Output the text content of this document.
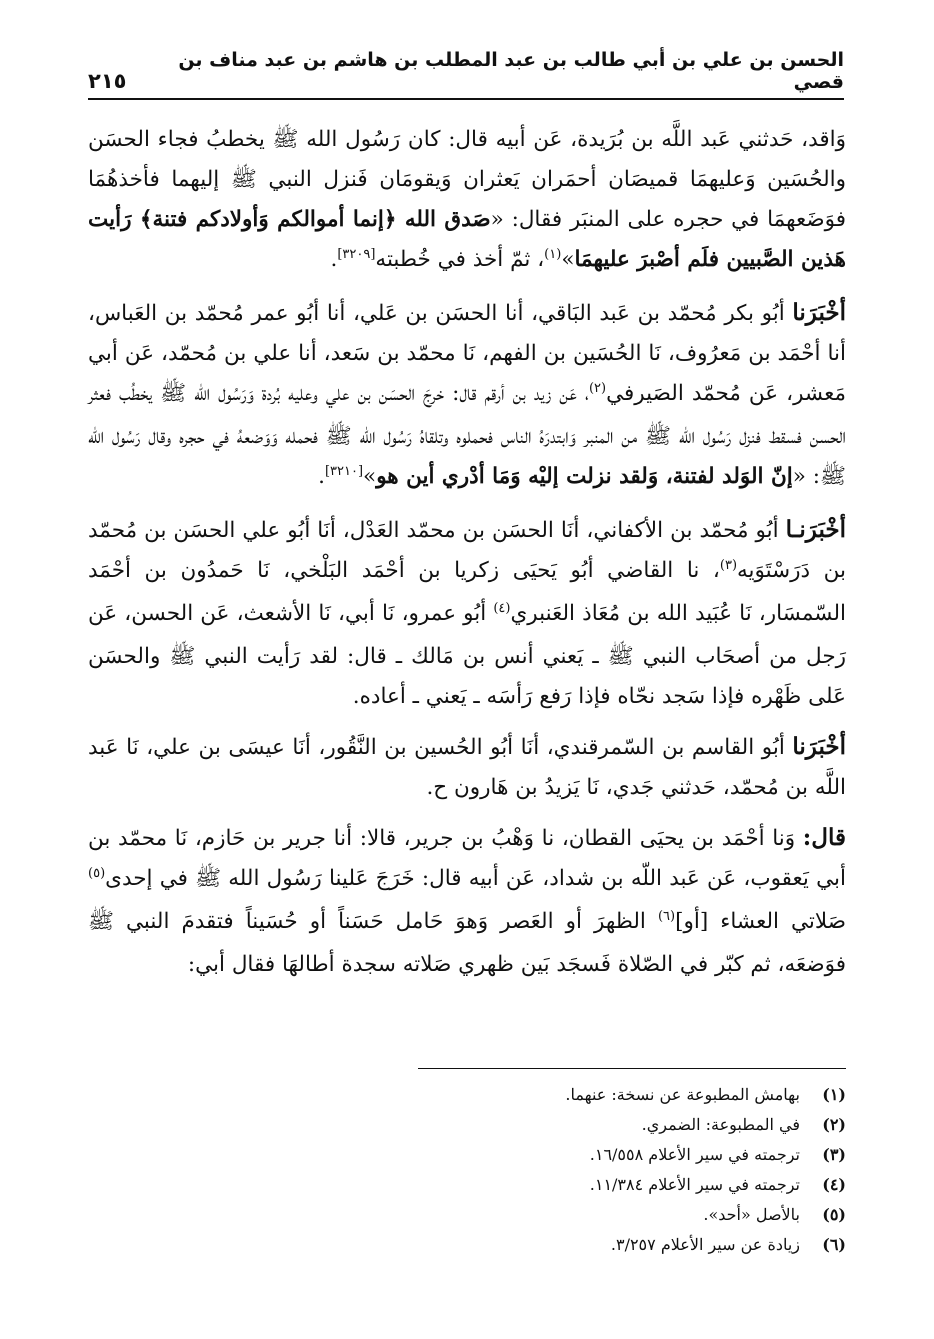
٢١٥
الحسن بن علي بن أبي طالب بن عبد المطلب بن هاشم بن عبد مناف بن قصي

وَاقد، حَدثني عَبد اللَّه بن بُرَيدة، عَن أبيه قال: كان رَسُول الله ﷺ يخطبُ فجاء الحسَن والحُسَين وَعليهمَا قميصَان أحمَران يَعثران وَيقومَان فَنزل النبي ﷺ إليهما فأخذهُمَا فوَضَعهمَا في حجره على المنبَر فقال: «صَدق الله ﴿إنما أموالكم وَأولادكم فتنة﴾ رَأيت هَذين الصَّبيين فلَم أصْبرَ عليهمَا»$^{(١)}$، ثمّ أخذ في خُطبته[٣٢٠٩].

أخْبَرَنا أبُو بكر مُحمّد بن عَبد البَاقي، أنا الحسَن بن عَلي، أنا أبُو عمر مُحمّد بن العَباس، أنا أحْمَد بن مَعرُوف، نَا الحُسَين بن الفهم، نَا محمّد بن سَعد، أنا علي بن مُحمّد، عَن أبي مَعشر، عَن مُحمّد الصَيرفي$^{(٢)}$، عَن زيد بن أرقم قال: خرجَ الحسَن بن علي وعليه بُردة وَرَسُول الله ﷺ يخطُب فعثر الحسن فسقط فنزل رَسُول الله ﷺ من المنبر وَابتدرَهُ الناس فحملوه وتلقاهُ رَسُول الله ﷺ فحمله وَوَضعهُ في حجره وقال رَسُول الله ﷺ: «إنّ الوَلد لفتنة، وَلقد نزلت إليْه وَمَا أدْري أين هو»[٣٢١٠].

أخْبَرَنـا أبُو مُحمّد بن الأكفاني، أنَا الحسَن بن محمّد العَدْل، أنَا أبُو علي الحسَن بن مُحمّد بن دَرَسْتَوَيه$^{(٣)}$، نا القاضي أبُو يَحيَى زكريا بن أحْمَد البَلْخي، نَا حَمدُون بن أحْمَد السّمسَار، نَا عُبَيد الله بن مُعَاذ العَنبري$^{(٤)}$ أبُو عمرو، نَا أبي، نَا الأشعث، عَن الحسن، عَن رَجل من أصحَاب النبي ﷺ ـ يَعني أنس بن مَالك ـ قال: لقد رَأيت النبي ﷺ والحسَن عَلى ظَهْره فإذا سَجد نحّاه فإذا رَفع رَأسَه ـ يَعني ـ أعاده.

أخْبَرَنا أبُو القاسم بن السّمرقندي، أنَا أبُو الحُسين بن النَّقُور، أنَا عيسَى بن علي، نَا عَبد اللَّه بن مُحمّد، حَدثني جَدي، نَا يَزيدُ بن هَارون ح.

قال: وَنا أحْمَد بن يحيَى القطان، نا وَهْبُ بن جرير، قالا: أنا جرير بن حَازم، نَا محمّد بن أبي يَعقوب، عَن عَبد اللّه بن شداد، عَن أبيه قال: خَرَجَ عَلينا رَسُول الله ﷺ في إحدى$^{(٥)}$ صَلاتي العشاء [أو]$^{(٦)}$ الظهرَ أو العَصر وَهوَ حَامل حَسَناً أو حُسَيناً فتقدمَ النبي ﷺ فوَضعَه، ثم كبّر في الصّلاة فَسجَد بَين ظهري صَلاته سجدة أطالهَا فقال أبي:

(١)بهامش المطبوعة عن نسخة: عنهما.
(٢)في المطبوعة: الضمري.
(٣)ترجمته في سير الأعلام ١٦/٥٥٨.
(٤)ترجمته في سير الأعلام ١١/٣٨٤.
(٥)بالأصل «أحد».
(٦)زيادة عن سير الأعلام ٣/٢٥٧.
